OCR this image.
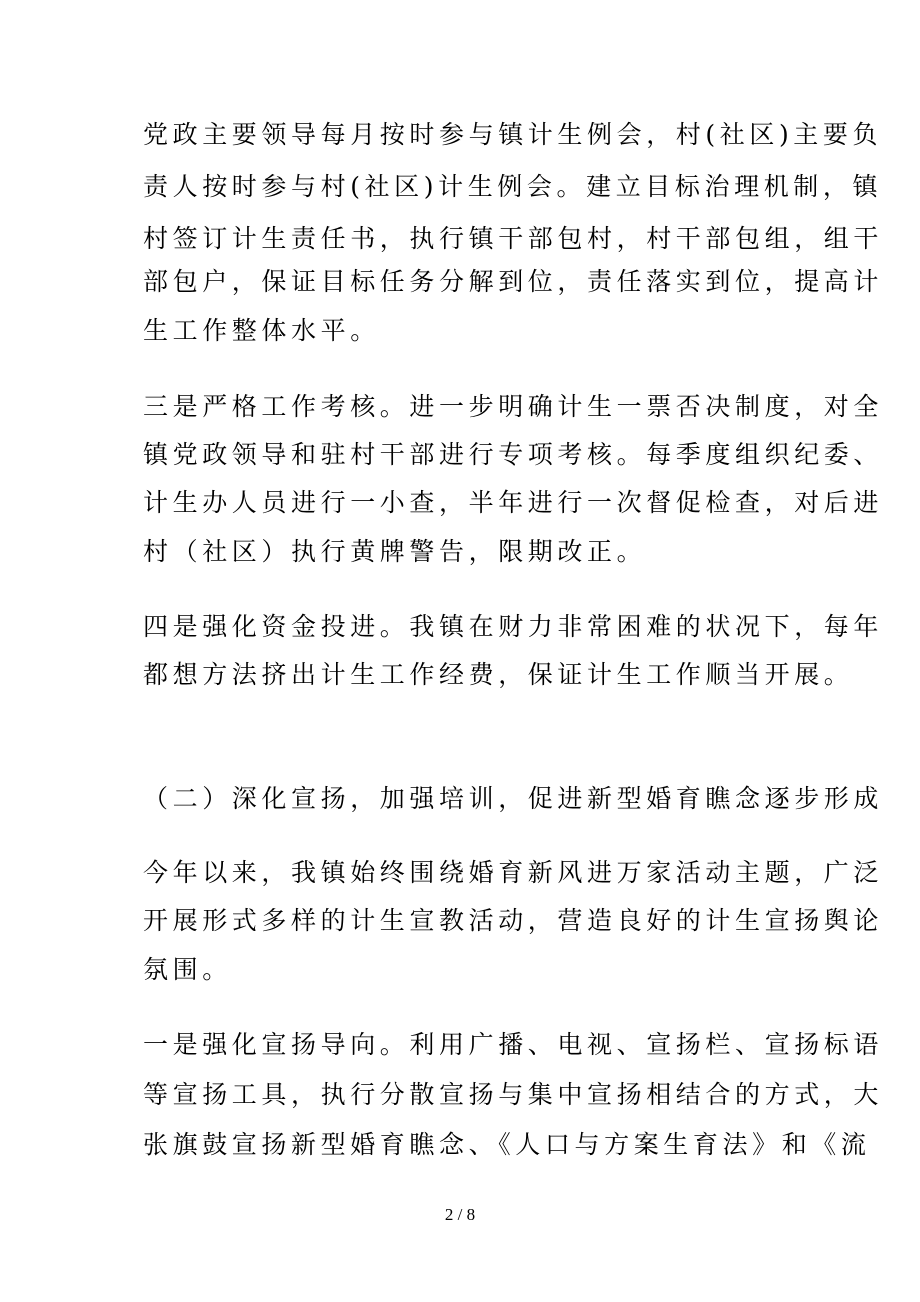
党政主要领导每月按时参与镇计生例会，村(社区)主要负
责人按时参与村(社区)计生例会。建立目标治理机制，镇
村签订计生责任书，执行镇干部包村，村干部包组，组干
部包户，保证目标任务分解到位，责任落实到位，提高计
生工作整体水平。
三是严格工作考核。进一步明确计生一票否决制度，对全
镇党政领导和驻村干部进行专项考核。每季度组织纪委、
计生办人员进行一小查，半年进行一次督促检查，对后进
村（社区）执行黄牌警告，限期改正。
四是强化资金投进。我镇在财力非常困难的状况下，每年
都想方法挤出计生工作经费，保证计生工作顺当开展。
（二）深化宣扬，加强培训，促进新型婚育瞧念逐步形成
今年以来，我镇始终围绕婚育新风进万家活动主题，广泛
开展形式多样的计生宣教活动，营造良好的计生宣扬舆论
氛围。
一是强化宣扬导向。利用广播、电视、宣扬栏、宣扬标语
等宣扬工具，执行分散宣扬与集中宣扬相结合的方式，大
张旗鼓宣扬新型婚育瞧念、《人口与方案生育法》和《流
2 / 8
